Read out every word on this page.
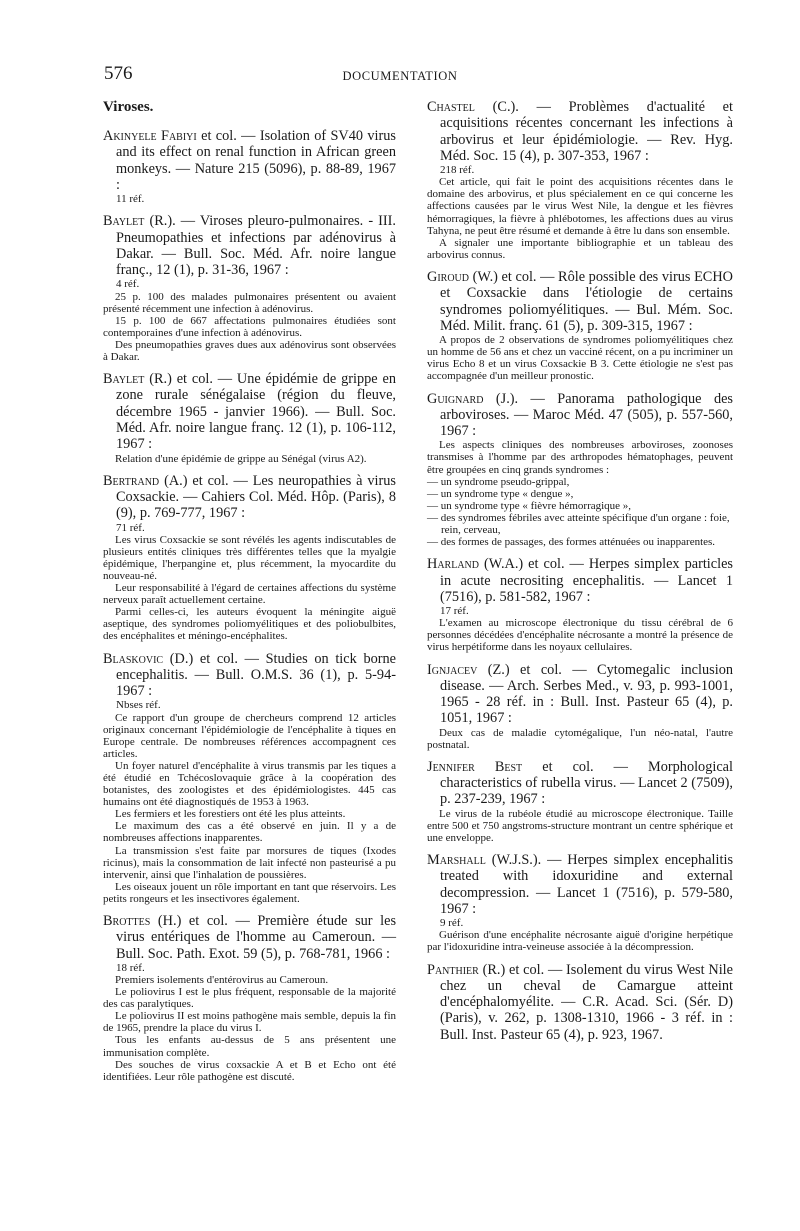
576	DOCUMENTATION
Viroses.

Akinyele Fabiyi et col. — Isolation of SV40 virus and its effect on renal function in African green monkeys. — Nature 215 (5096), p. 88-89, 1967 :

11 réf.

Baylet (R.). — Viroses pleuro-pulmonaires. - III. Pneumopathies et infections par adénovirus à Dakar. — Bull. Soc. Méd. Afr. noire langue franç., 12 (1), p. 31-36, 1967 :

4 réf.

25 p. 100 des malades pulmonaires présentent ou avaient présenté récemment une infection à adénovirus.

15 p. 100 de 667 affectations pulmonaires étudiées sont contemporaines d'une infection à adénovirus.

Des pneumopathies graves dues aux adénovirus sont observées à Dakar.

Baylet (R.) et col. — Une épidémie de grippe en zone rurale sénégalaise (région du fleuve, décembre 1965 - janvier 1966). — Bull. Soc. Méd. Afr. noire langue franç. 12 (1), p. 106-112, 1967 :

Relation d'une épidémie de grippe au Sénégal (virus A2).

Bertrand (A.) et col. — Les neuropathies à virus Coxsackie. — Cahiers Col. Méd. Hôp. (Paris), 8 (9), p. 769-777, 1967 :

71 réf.

Les virus Coxsackie se sont révélés les agents indiscutables de plusieurs entités cliniques très différentes telles que la myalgie épidémique, l'herpangine et, plus récemment, la myocardite du nouveau-né.

Leur responsabilité à l'égard de certaines affections du système nerveux paraît actuellement certaine.

Parmi celles-ci, les auteurs évoquent la méningite aiguë aseptique, des syndromes poliomyélitiques et des poliobulbites, des encéphalites et méningo-encéphalites.

Blaskovic (D.) et col. — Studies on tick borne encephalitis. — Bull. O.M.S. 36 (1), p. 5-94- 1967 :

Nbses réf.

Ce rapport d'un groupe de chercheurs comprend 12 articles originaux concernant l'épidémiologie de l'encéphalite à tiques en Europe centrale. De nombreuses références accompagnent ces articles.

Un foyer naturel d'encéphalite à virus transmis par les tiques a été étudié en Tchécoslovaquie grâce à la coopération des botanistes, des zoologistes et des épidémiologistes. 445 cas humains ont été diagnostiqués de 1953 à 1963.

Les fermiers et les forestiers ont été les plus atteints.

Le maximum des cas a été observé en juin. Il y a de nombreuses affections inapparentes.

La transmission s'est faite par morsures de tiques (Ixodes ricinus), mais la consommation de lait infecté non pasteurisé a pu intervenir, ainsi que l'inhalation de poussières.

Les oiseaux jouent un rôle important en tant que réservoirs. Les petits rongeurs et les insectivores également.

Brottes (H.) et col. — Première étude sur les virus entériques de l'homme au Cameroun. — Bull. Soc. Path. Exot. 59 (5), p. 768-781, 1966 :

18 réf.

Premiers isolements d'entérovirus au Cameroun.

Le poliovirus I est le plus fréquent, responsable de la majorité des cas paralytiques.

Le poliovirus II est moins pathogène mais semble, depuis la fin de 1965, prendre la place du virus I.

Tous les enfants au-dessus de 5 ans présentent une immunisation complète.

Des souches de virus coxsackie A et B et Echo ont été identifiées. Leur rôle pathogène est discuté.

Chastel (C.). — Problèmes d'actualité et acquisitions récentes concernant les infections à arbovirus et leur épidémiologie. — Rev. Hyg. Méd. Soc. 15 (4), p. 307-353, 1967 :

218 réf.

Cet article, qui fait le point des acquisitions récentes dans le domaine des arbovirus, et plus spécialement en ce qui concerne les affections causées par le virus West Nile, la dengue et les fièvres hémorragiques, la fièvre à phlébotomes, les affections dues au virus Tahyna, ne peut être résumé et demande à être lu dans son ensemble.

A signaler une importante bibliographie et un tableau des arbovirus connus.

Giroud (W.) et col. — Rôle possible des virus ECHO et Coxsackie dans l'étiologie de certains syndromes poliomyélitiques. — Bul. Mém. Soc. Méd. Milit. franç. 61 (5), p. 309-315, 1967 :

A propos de 2 observations de syndromes poliomyélitiques chez un homme de 56 ans et chez un vacciné récent, on a pu incriminer un virus Echo 8 et un virus Coxsackie B 3. Cette étiologie ne s'est pas accompagnée d'un meilleur pronostic.

Guignard (J.). — Panorama pathologique des arboviroses. — Maroc Méd. 47 (505), p. 557-560, 1967 :

Les aspects cliniques des nombreuses arboviroses, zoonoses transmises à l'homme par des arthropodes hématophages, peuvent être groupées en cinq grands syndromes :

— un syndrome pseudo-grippal,

— un syndrome type « dengue »,

— un syndrome type « fièvre hémorragique »,

— des syndromes fébriles avec atteinte spécifique d'un organe : foie, rein, cerveau,

— des formes de passages, des formes atténuées ou inapparentes.

Harland (W.A.) et col. — Herpes simplex particles in acute necrositing encephalitis. — Lancet 1 (7516), p. 581-582, 1967 :

17 réf.

L'examen au microscope électronique du tissu cérébral de 6 personnes décédées d'encéphalite nécrosante a montré la présence de virus herpétiforme dans les noyaux cellulaires.

Ignjacev (Z.) et col. — Cytomegalic inclusion disease. — Arch. Serbes Med., v. 93, p. 993-1001, 1965 - 28 réf. in : Bull. Inst. Pasteur 65 (4), p. 1051, 1967 :

Deux cas de maladie cytomégalique, l'un néo-natal, l'autre postnatal.

Jennifer Best et col. — Morphological characteristics of rubella virus. — Lancet 2 (7509), p. 237-239, 1967 :

Le virus de la rubéole étudié au microscope électronique. Taille entre 500 et 750 angstroms-structure montrant un centre sphérique et une enveloppe.

Marshall (W.J.S.). — Herpes simplex encephalitis treated with idoxuridine and external decompression. — Lancet 1 (7516), p. 579-580, 1967 :

9 réf.

Guérison d'une encéphalite nécrosante aiguë d'origine herpétique par l'idoxuridine intra-veineuse associée à la décompression.

Panthier (R.) et col. — Isolement du virus West Nile chez un cheval de Camargue atteint d'encéphalomyélite. — C.R. Acad. Sci. (Sér. D) (Paris), v. 262, p. 1308-1310, 1966 - 3 réf. in : Bull. Inst. Pasteur 65 (4), p. 923, 1967.
